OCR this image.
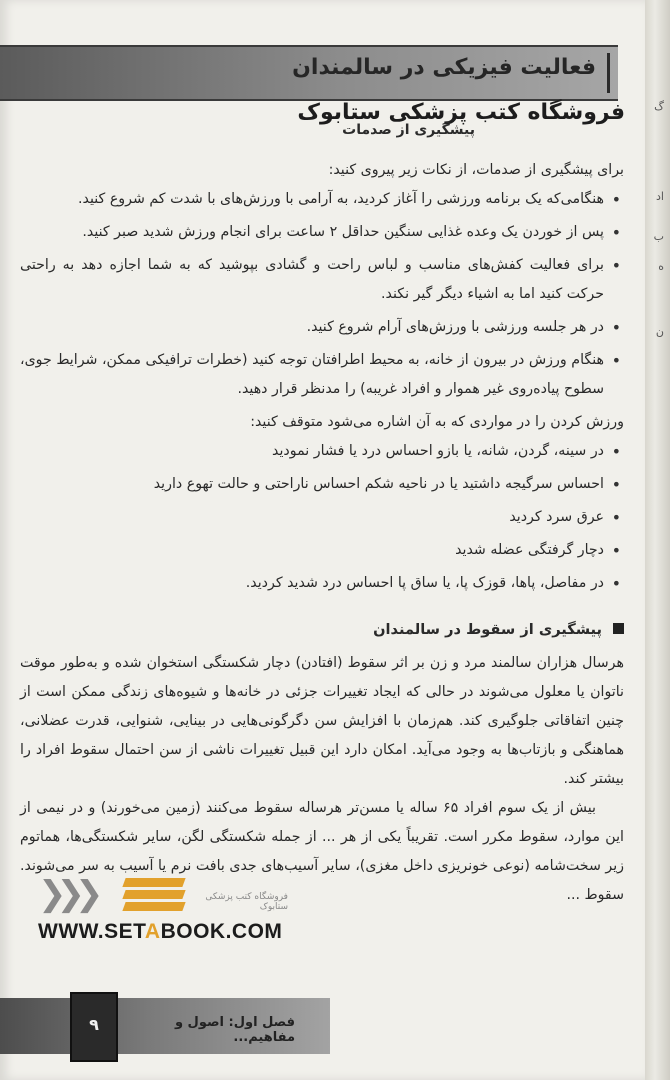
فعالیت فیزیکی در سالمندان
فروشگاه کتب پزشکی ستابوک
پیشگیری از صدمات

برای پیشگیری از صدمات، از نکات زیر پیروی کنید:

• هنگامی‌که یک برنامه ورزشی را آغاز کردید، به آرامی با ورزش‌های با شدت کم شروع کنید.
• پس از خوردن یک وعده غذایی سنگین حداقل ۲ ساعت برای انجام ورزش شدید صبر کنید.
• برای فعالیت کفش‌های مناسب و لباس راحت و گشادی بپوشید که به شما اجازه دهد به راحتی حرکت کنید اما به اشیاء دیگر گیر نکند.
• در هر جلسه ورزشی با ورزش‌های آرام شروع کنید.
• هنگام ورزش در بیرون از خانه، به محیط اطرافتان توجه کنید (خطرات ترافیکی ممکن، شرایط جوی، سطوح پیاده‌روی غیر هموار و افراد غریبه) را مدنظر قرار دهید.

ورزش کردن را در مواردی که به آن اشاره می‌شود متوقف کنید:

• در سینه، گردن، شانه، یا بازو احساس درد یا فشار نمودید
• احساس سرگیجه داشتید یا در ناحیه شکم احساس ناراحتی و حالت تهوع دارید
• عرق سرد کردید
• دچار گرفتگی عضله شدید
• در مفاصل، پاها، قوزک پا، یا ساق پا احساس درد شدید کردید.
پیشگیری از سقوط در سالمندان

هرسال هزاران سالمند مرد و زن بر اثر سقوط (افتادن) دچار شکستگی استخوان شده و به‌طور موقت ناتوان یا معلول می‌شوند در حالی که ایجاد تغییرات جزئی در خانه‌ها و شیوه‌های زندگی ممکن است از چنین اتفاقاتی جلوگیری کند. هم‌زمان با افزایش سن دگرگونی‌هایی در بینایی، شنوایی، قدرت عضلانی، هماهنگی و بازتاب‌ها به وجود می‌آید. امکان دارد این قبیل تغییرات ناشی از سن احتمال سقوط افراد را بیشتر کند.

بیش از یک سوم افراد ۶۵ ساله یا مسن‌تر هرساله سقوط می‌کنند (زمین می‌خورند) و در نیمی از این موارد، سقوط مکرر است. تقریباً یکی از هر ... از جمله شکستگی لگن، سایر شکستگی‌ها، هماتوم زیر سخت‌شامه (نوعی خونریزی داخل مغزی)، سایر آسیب‌های جدی بافت نرم یا آسیب به سر می‌شوند. سقوط ...

❯❯❯	فروشگاه کتب پزشکی ستابوک
WWW.SETABOOK.COM
۹	فصل اول: اصول و مفاهیم...
گ
اد
ب
ه
ن
